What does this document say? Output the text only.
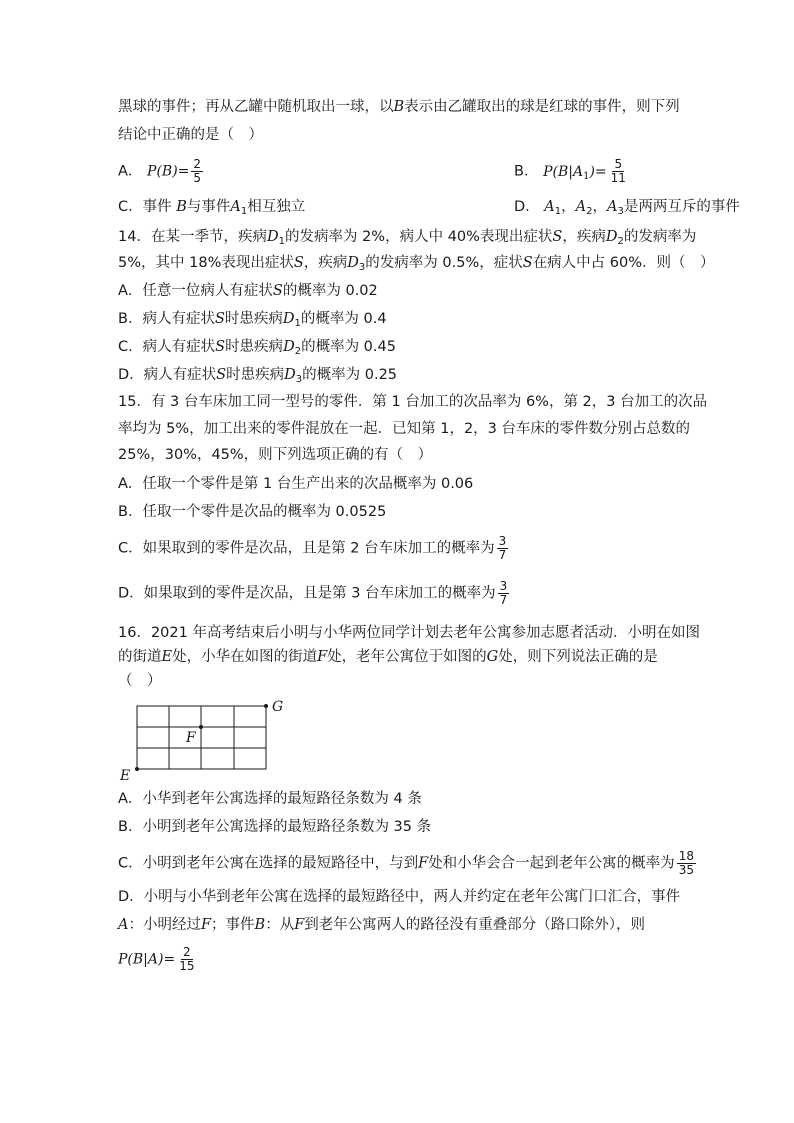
黑球的事件；再从乙罐中随机取出一球，以B表示由乙罐取出的球是红球的事件，则下列
结论中正确的是（　）
A． $P(B)= \frac{2}{5}$	B． $P(B|A_1)= \frac{5}{11}$
C．事件 B与事件$A_1$相互独立	D． $A_1$，$A_2$，$A_3$是两两互斥的事件
14．在某一季节，疾病$D_1$的发病率为 2%，病人中 40%表现出症状S，疾病$D_2$的发病率为
5%，其中 18%表现出症状S，疾病$D_3$的发病率为 0.5%，症状S在病人中占 60%．则（　）
A．任意一位病人有症状S的概率为 0.02
B．病人有症状S时患疾病$D_1$的概率为 0.4
C．病人有症状S时患疾病$D_2$的概率为 0.45
D．病人有症状S时患疾病$D_3$的概率为 0.25
15．有 3 台车床加工同一型号的零件．第 1 台加工的次品率为 6%，第 2，3 台加工的次品
率均为 5%，加工出来的零件混放在一起．已知第 1，2，3 台车床的零件数分别占总数的
25%，30%，45%，则下列选项正确的有（　）
A．任取一个零件是第 1 台生产出来的次品概率为 0.06
B．任取一个零件是次品的概率为 0.0525
C．如果取到的零件是次品，且是第 2 台车床加工的概率为 $\frac{3}{7}$
D．如果取到的零件是次品，且是第 3 台车床加工的概率为 $\frac{3}{7}$
16．2021 年高考结束后小明与小华两位同学计划去老年公寓参加志愿者活动．小明在如图
的街道E处，小华在如图的街道F处，老年公寓位于如图的G处，则下列说法正确的是
（　）
G
F
E
A．小华到老年公寓选择的最短路径条数为 4 条
B．小明到老年公寓选择的最短路径条数为 35 条
C．小明到老年公寓在选择的最短路径中，与到F处和小华会合一起到老年公寓的概率为 $\frac{18}{35}$
D．小明与小华到老年公寓在选择的最短路径中，两人并约定在老年公寓门口汇合，事件
A：小明经过F；事件B：从F到老年公寓两人的路径没有重叠部分（路口除外），则
$P(B|A)= \frac{2}{15}$
